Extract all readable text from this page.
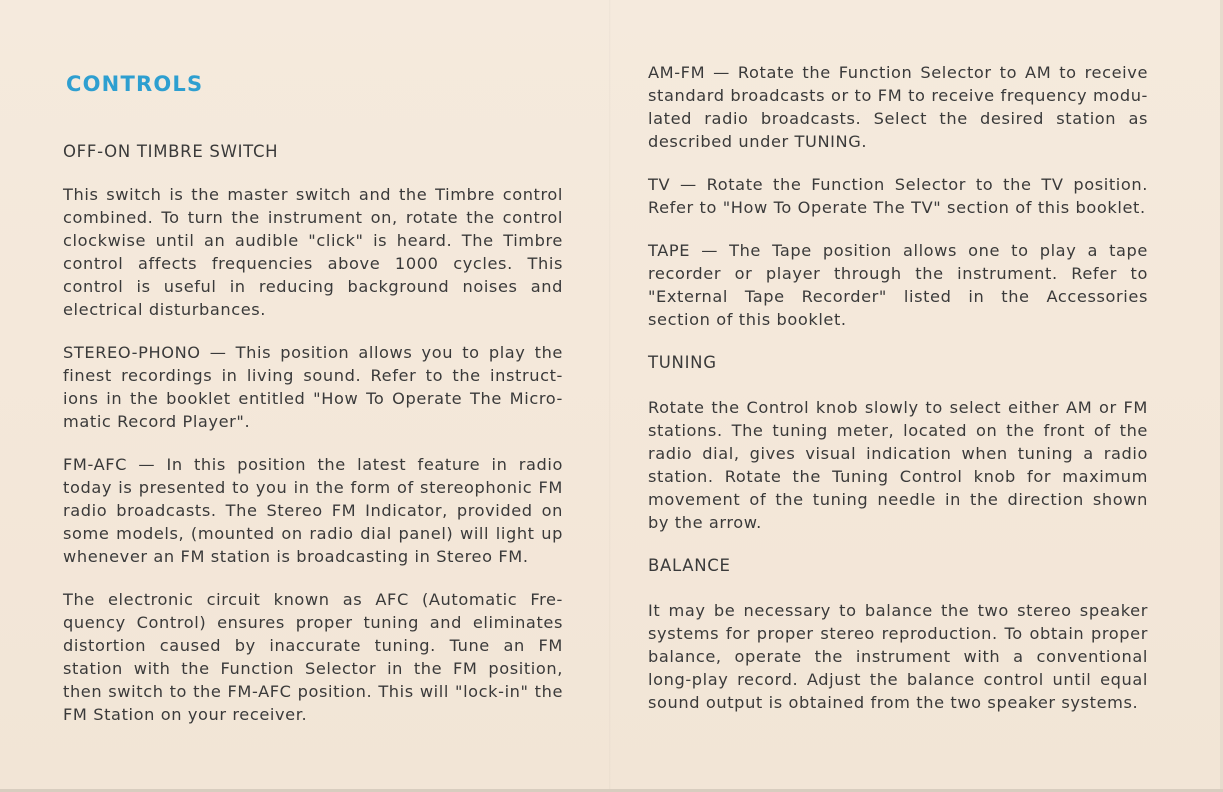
CONTROLS
OFF-ON TIMBRE SWITCH

This switch is the master switch and the Timbre control combined. To turn the instrument on, rotate the control clockwise until an audible "click" is heard. The Timbre control affects frequencies above 1000 cycles. This control is useful in reducing background noises and electrical disturbances.

STEREO-PHONO — This position allows you to play the finest recordings in living sound. Refer to the instruct-ions in the booklet entitled "How To Operate The Micro-matic Record Player".

FM-AFC — In this position the latest feature in radio today is presented to you in the form of stereophonic FM radio broadcasts. The Stereo FM Indicator, provided on some models, (mounted on radio dial panel) will light up whenever an FM station is broadcasting in Stereo FM.

The electronic circuit known as AFC (Automatic Fre-quency Control) ensures proper tuning and eliminates distortion caused by inaccurate tuning. Tune an FM station with the Function Selector in the FM position, then switch to the FM-AFC position. This will "lock-in" the FM Station on your receiver.

AM-FM — Rotate the Function Selector to AM to receive standard broadcasts or to FM to receive frequency modu-lated radio broadcasts. Select the desired station as described under TUNING.

TV — Rotate the Function Selector to the TV position. Refer to "How To Operate The TV" section of this booklet.

TAPE — The Tape position allows one to play a tape recorder or player through the instrument. Refer to "External Tape Recorder" listed in the Accessories section of this booklet.

TUNING

Rotate the Control knob slowly to select either AM or FM stations. The tuning meter, located on the front of the radio dial, gives visual indication when tuning a radio station. Rotate the Tuning Control knob for maximum movement of the tuning needle in the direction shown by the arrow.

BALANCE

It may be necessary to balance the two stereo speaker systems for proper stereo reproduction. To obtain proper balance, operate the instrument with a conventional long-play record. Adjust the balance control until equal sound output is obtained from the two speaker systems.
